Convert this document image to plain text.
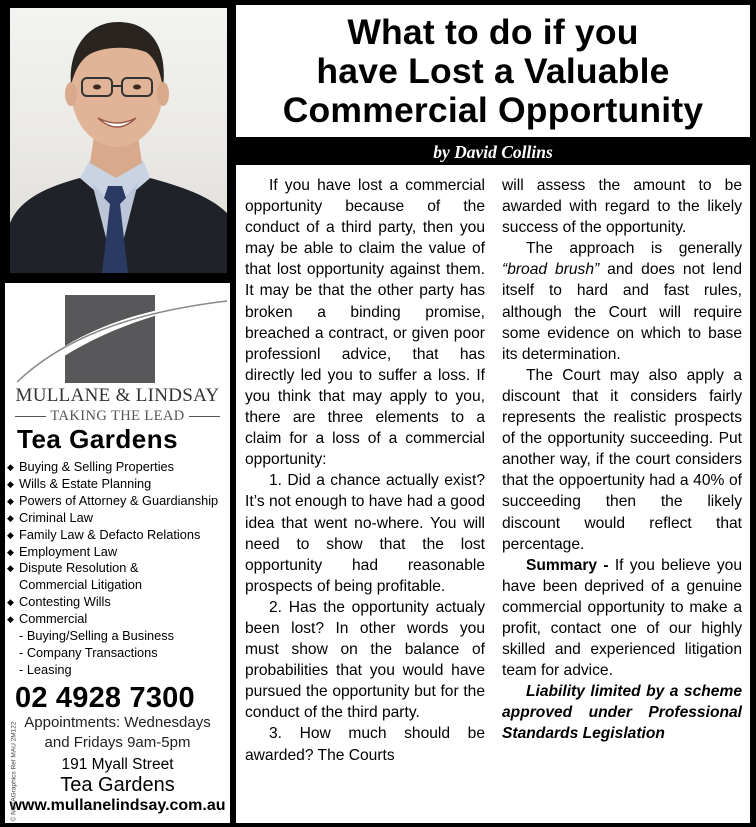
What to do if you
have Lost a Valuable
Commercial Opportunity
by David Collins

If you have lost a commercial opportunity because of the conduct of a third party, then you may be able to claim the value of that lost opportunity against them. It may be that the other party has broken a binding promise, breached a contract, or given poor professionl advice, that has directly led you to suffer a loss. If you think that may apply to you, there are three elements to a claim for a loss of a commercial opportunity:

1. Did a chance actually exist? It’s not enough to have had a good idea that went no-where. You will need to show that the lost opportunity had reasonable prospects of being profitable.

2. Has the opportunity actualy been lost? In other words you must show on the balance of probabilities that you would have pursued the opportunity but for the conduct of the third party.

3. How much should be awarded? The Courts

will assess the amount to be awarded with regard to the likely success of the opportunity.

The approach is generally “broad brush” and does not lend itself to hard and fast rules, although the Court will require some evidence on which to base its determination.

The Court may also apply a discount that it considers fairly represents the realistic prospects of the opportunity succeeding. Put another way, if the court considers that the oppoertunity had a 40% of succeeding then the likely discount would reflect that percentage.

Summary - If you believe you have been deprived of a genuine commercial opportunity to make a profit, contact one of our highly skilled and experienced litigation team for advice.

Liability limited by a scheme approved under Professional Standards Legislation

MULLANE & LINDSAY
TAKING THE LEAD
Tea Gardens
◆ Buying & Selling Properties
◆ Wills & Estate Planning
◆ Powers of Attorney & Guardianship
◆ Criminal Law
◆ Family Law & Defacto Relations
◆ Employment Law
◆ Dispute Resolution &
Commercial Litigation
◆ Contesting Wills
◆ Commercial
- Buying/Selling a Business
- Company Transactions
- Leasing
02 4928 7300
Appointments: Wednesdays
and Fridays 9am-5pm
191 Myall Street
Tea Gardens
www.mullanelindsay.com.au
© NOTAGraphics Ref MAU 2M122
